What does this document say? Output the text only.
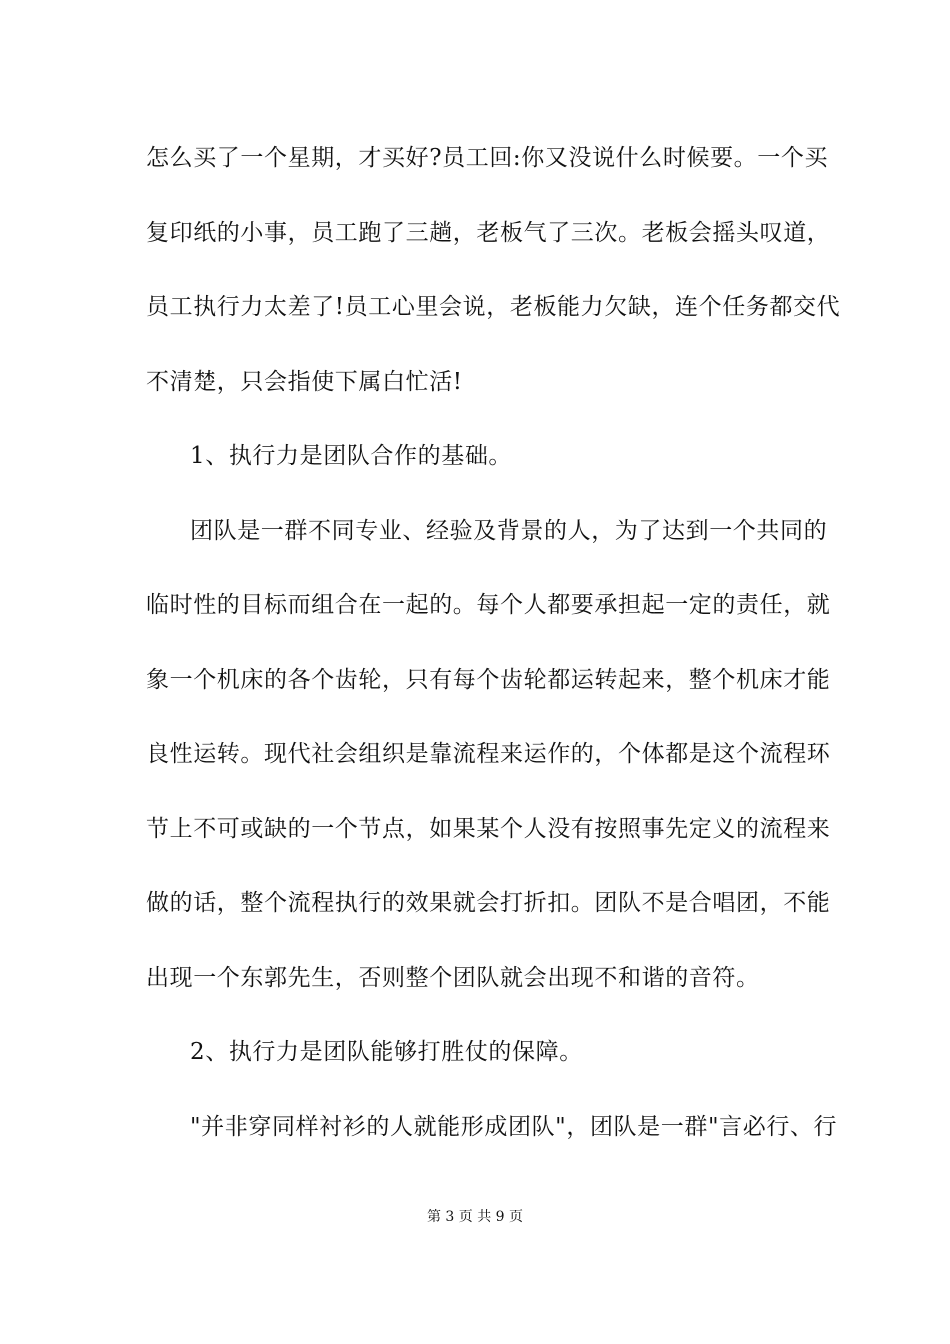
怎么买了一个星期，才买好?员工回:你又没说什么时候要。一个买
复印纸的小事，员工跑了三趟，老板气了三次。老板会摇头叹道，
员工执行力太差了!员工心里会说，老板能力欠缺，连个任务都交代
不清楚，只会指使下属白忙活!
1、执行力是团队合作的基础。
团队是一群不同专业、经验及背景的人，为了达到一个共同的
临时性的目标而组合在一起的。每个人都要承担起一定的责任，就
象一个机床的各个齿轮，只有每个齿轮都运转起来，整个机床才能
良性运转。现代社会组织是靠流程来运作的，个体都是这个流程环
节上不可或缺的一个节点，如果某个人没有按照事先定义的流程来
做的话，整个流程执行的效果就会打折扣。团队不是合唱团，不能
出现一个东郭先生，否则整个团队就会出现不和谐的音符。
2、执行力是团队能够打胜仗的保障。
"并非穿同样衬衫的人就能形成团队"，团队是一群"言必行、行
第 3 页 共 9 页
